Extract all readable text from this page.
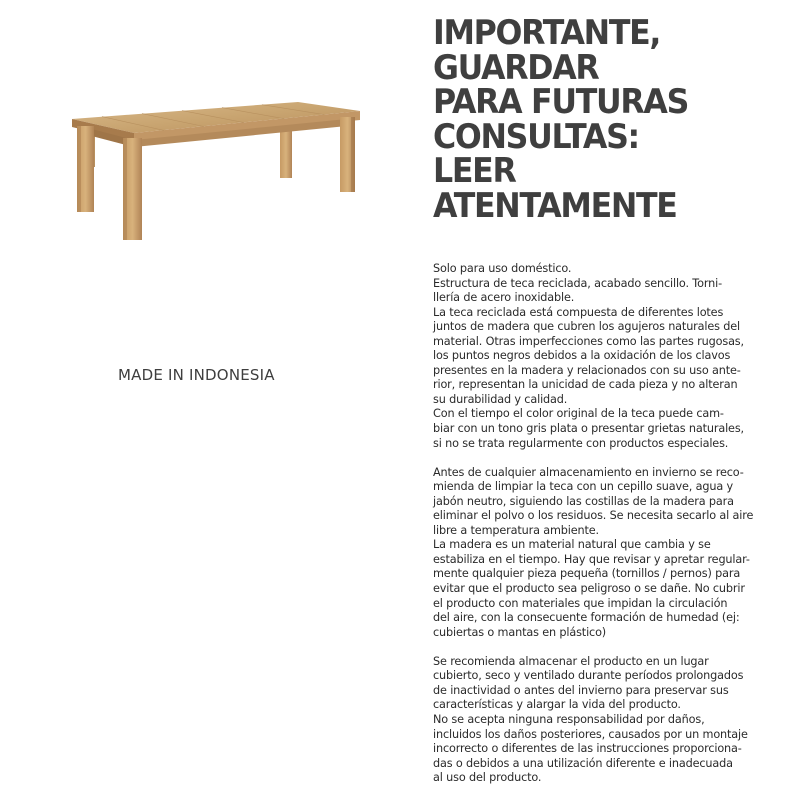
MADE IN INDONESIA
IMPORTANTE,
GUARDAR
PARA FUTURAS
CONSULTAS:
LEER
ATENTAMENTE

Solo para uso doméstico.

Estructura de teca reciclada, acabado sencillo. Torni-

llería de acero inoxidable.

La teca reciclada está compuesta de diferentes lotes

juntos de madera que cubren los agujeros naturales del

material. Otras imperfecciones como las partes rugosas,

los puntos negros debidos a la oxidación de los clavos

presentes en la madera y relacionados con su uso ante-

rior, representan la unicidad de cada pieza y no alteran

su durabilidad y calidad.

Con el tiempo el color original de la teca puede cam-

biar con un tono gris plata o presentar grietas naturales,

si no se trata regularmente con productos especiales.

Antes de cualquier almacenamiento en invierno se reco-

mienda de limpiar la teca con un cepillo suave, agua y

jabón neutro, siguiendo las costillas de la madera para

eliminar el polvo o los residuos. Se necesita secarlo al aire

libre a temperatura ambiente.

La madera es un material natural que cambia y se

estabiliza en el tiempo. Hay que revisar y apretar regular-

mente qualquier pieza pequeña (tornillos / pernos) para

evitar que el producto sea peligroso o se dañe. No cubrir

el producto con materiales que impidan la circulación

del aire, con la consecuente formación de humedad (ej:

cubiertas o mantas en plástico)

Se recomienda almacenar el producto en un lugar

cubierto, seco y ventilado durante períodos prolongados

de inactividad o antes del invierno para preservar sus

características y alargar la vida del producto.

No se acepta ninguna responsabilidad por daños,

incluidos los daños posteriores, causados por un montaje

incorrecto o diferentes de las instrucciones proporciona-

das o debidos a una utilización diferente e inadecuada

al uso del producto.
